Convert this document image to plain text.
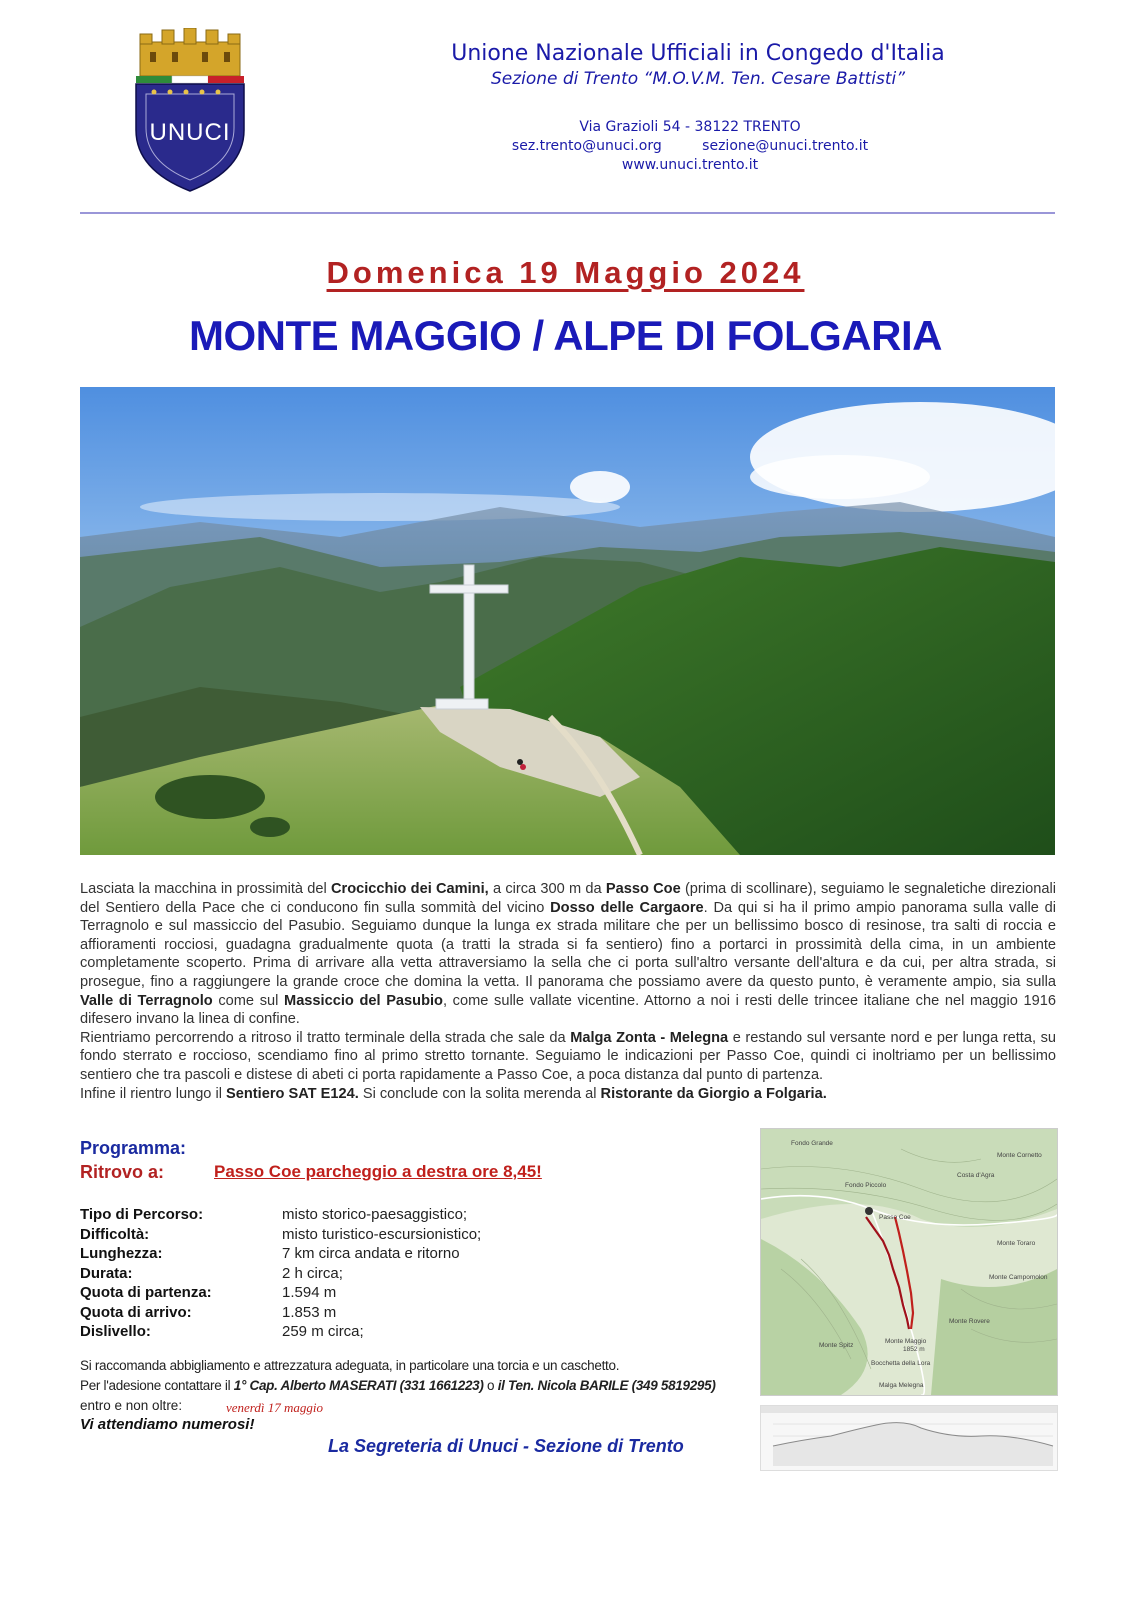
UNUCI
Unione Nazionale Ufficiali in Congedo d'Italia
Sezione di Trento “M.O.V.M. Ten. Cesare Battisti”
Via Grazioli 54 - 38122 TRENTO
sez.trento@unuci.org	sezione@unuci.trento.it
www.unuci.trento.it
Domenica 19 Maggio 2024
MONTE MAGGIO / ALPE DI FOLGARIA
Lasciata la macchina in prossimità del Crocicchio dei Camini, a circa 300 m da Passo Coe (prima di scollinare), seguiamo le segnaletiche direzionali del Sentiero della Pace che ci conducono fin sulla sommità del vicino Dosso delle Cargaore. Da qui si ha il primo ampio panorama sulla valle di Terragnolo e sul massiccio del Pasubio. Seguiamo dunque la lunga ex strada militare che per un bellissimo bosco di resinose, tra salti di roccia e affioramenti rocciosi, guadagna gradualmente quota (a tratti la strada si fa sentiero) fino a portarci in prossimità della cima, in un ambiente completamente scoperto. Prima di arrivare alla vetta attraversiamo la sella che ci porta sull'altro versante dell'altura e da cui, per altra strada, si prosegue, fino a raggiungere la grande croce che domina la vetta. Il panorama che possiamo avere da questo punto, è veramente ampio, sia sulla Valle di Terragnolo come sul Massiccio del Pasubio, come sulle vallate vicentine. Attorno a noi i resti delle trincee italiane che nel maggio 1916 difesero invano la linea di confine.
Rientriamo percorrendo a ritroso il tratto terminale della strada che sale da Malga Zonta - Melegna e restando sul versante nord e per lunga retta, su fondo sterrato e roccioso, scendiamo fino al primo stretto tornante. Seguiamo le indicazioni per Passo Coe, quindi ci inoltriamo per un bellissimo sentiero che tra pascoli e distese di abeti ci porta rapidamente a Passo Coe, a poca distanza dal punto di partenza.
Infine il rientro lungo il Sentiero SAT E124. Si conclude con la solita merenda al Ristorante da Giorgio a Folgaria.
Programma:
Ritrovo a:	Passo Coe parcheggio a destra ore 8,45!
Tipo di Percorso:	misto storico-paesaggistico;
Difficoltà:	misto turistico-escursionistico;
Lunghezza:	7 km circa andata e ritorno
Durata:	2 h circa;
Quota di partenza:	1.594 m
Quota di arrivo:	1.853 m
Dislivello:	259 m circa;
Si raccomanda abbigliamento e attrezzatura adeguata, in particolare una torcia e un caschetto.
Per l'adesione contattare il 1° Cap. Alberto MASERATI (331 1661223) o il Ten. Nicola BARILE (349 5819295)
entro e non oltre:	venerdì 17 maggio
Vi attendiamo numerosi!
La Segreteria di Unuci - Sezione di Trento
Fondo Grande
Fondo Piccolo
Costa d'Agra
Monte Cornetto
Monte Maggio
1852 m
Monte Toraro
Monte Campomolon
Bocchetta della Lora
Monte Spitz
Monte Rovere
Malga Melegna
Passo Coe
